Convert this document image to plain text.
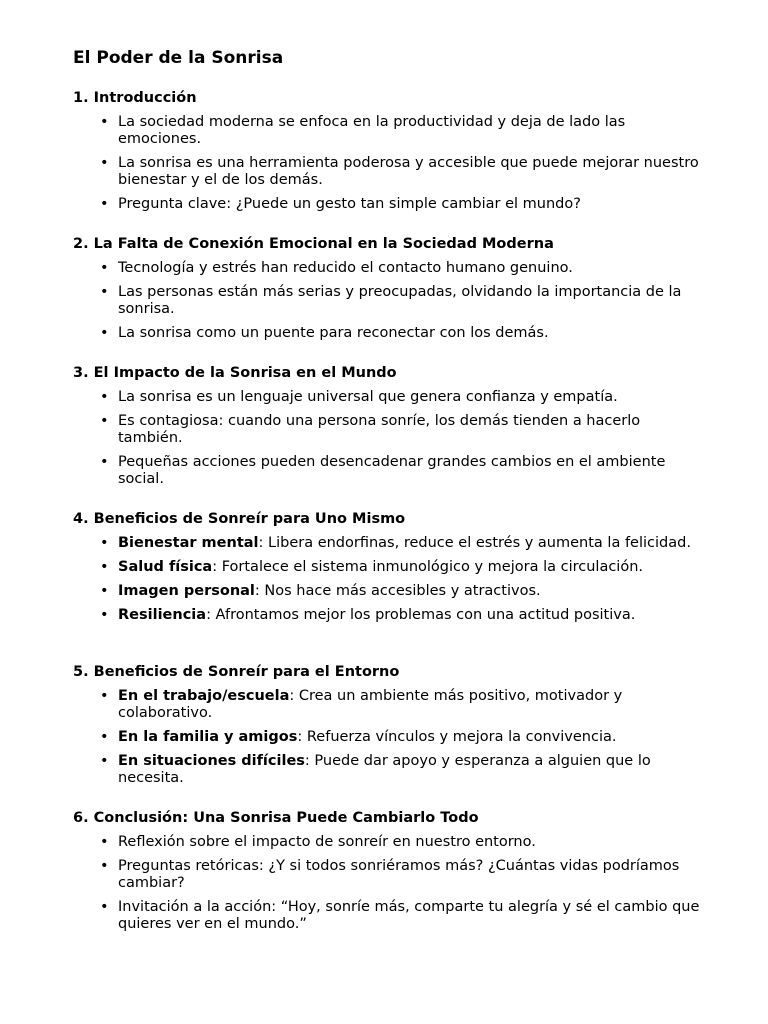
El Poder de la Sonrisa
1. Introducción
• La sociedad moderna se enfoca en la productividad y deja de lado las emociones.
• La sonrisa es una herramienta poderosa y accesible que puede mejorar nuestro bienestar y el de los demás.
• Pregunta clave: ¿Puede un gesto tan simple cambiar el mundo?
2. La Falta de Conexión Emocional en la Sociedad Moderna
• Tecnología y estrés han reducido el contacto humano genuino.
• Las personas están más serias y preocupadas, olvidando la importancia de la sonrisa.
• La sonrisa como un puente para reconectar con los demás.
3. El Impacto de la Sonrisa en el Mundo
• La sonrisa es un lenguaje universal que genera confianza y empatía.
• Es contagiosa: cuando una persona sonríe, los demás tienden a hacerlo también.
• Pequeñas acciones pueden desencadenar grandes cambios en el ambiente social.
4. Beneficios de Sonreír para Uno Mismo
• Bienestar mental: Libera endorfinas, reduce el estrés y aumenta la felicidad.
• Salud física: Fortalece el sistema inmunológico y mejora la circulación.
• Imagen personal: Nos hace más accesibles y atractivos.
• Resiliencia: Afrontamos mejor los problemas con una actitud positiva.
5. Beneficios de Sonreír para el Entorno
• En el trabajo/escuela: Crea un ambiente más positivo, motivador y colaborativo.
• En la familia y amigos: Refuerza vínculos y mejora la convivencia.
• En situaciones difíciles: Puede dar apoyo y esperanza a alguien que lo necesita.
6. Conclusión: Una Sonrisa Puede Cambiarlo Todo
• Reflexión sobre el impacto de sonreír en nuestro entorno.
• Preguntas retóricas: ¿Y si todos sonriéramos más? ¿Cuántas vidas podríamos cambiar?
• Invitación a la acción: “Hoy, sonríe más, comparte tu alegría y sé el cambio que quieres ver en el mundo.”
